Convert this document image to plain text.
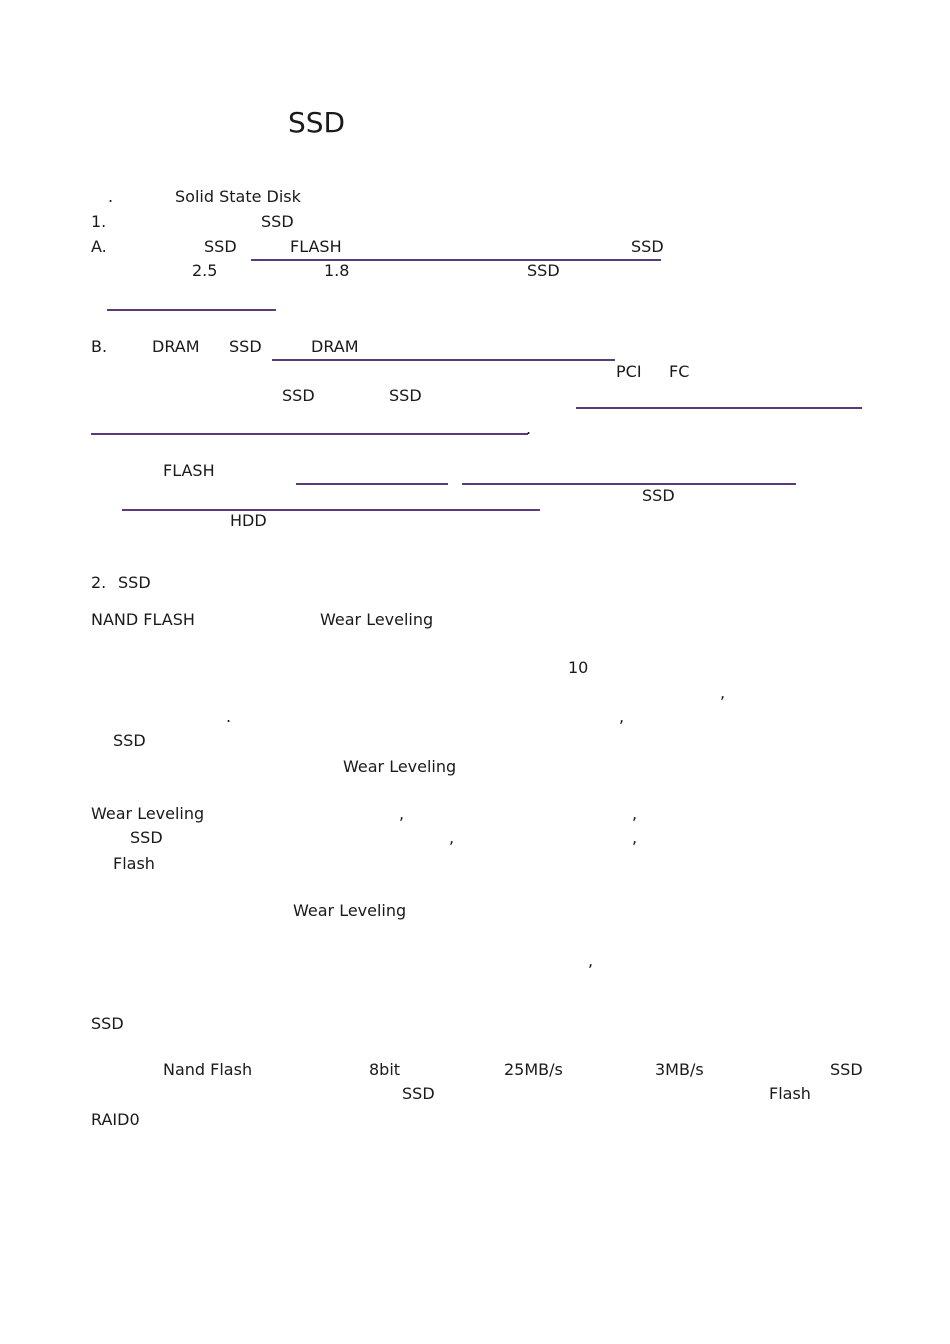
SSD
.	Solid State Disk
1.	SSD
A.	SSD	FLASH	SSD
2.5	1.8	SSD
B.	DRAM SSD	DRAM
PCI FC
SSD	SSD
.
FLASH
SSD
HDD
2. SSD
NAND FLASH	Wear Leveling
10
,
.	,
SSD
Wear Leveling
Wear Leveling	,	,
SSD	,	,
Flash
Wear Leveling
,
SSD
Nand Flash	8bit	25MB/s	3MB/s	SSD
SSD	Flash
RAID0
